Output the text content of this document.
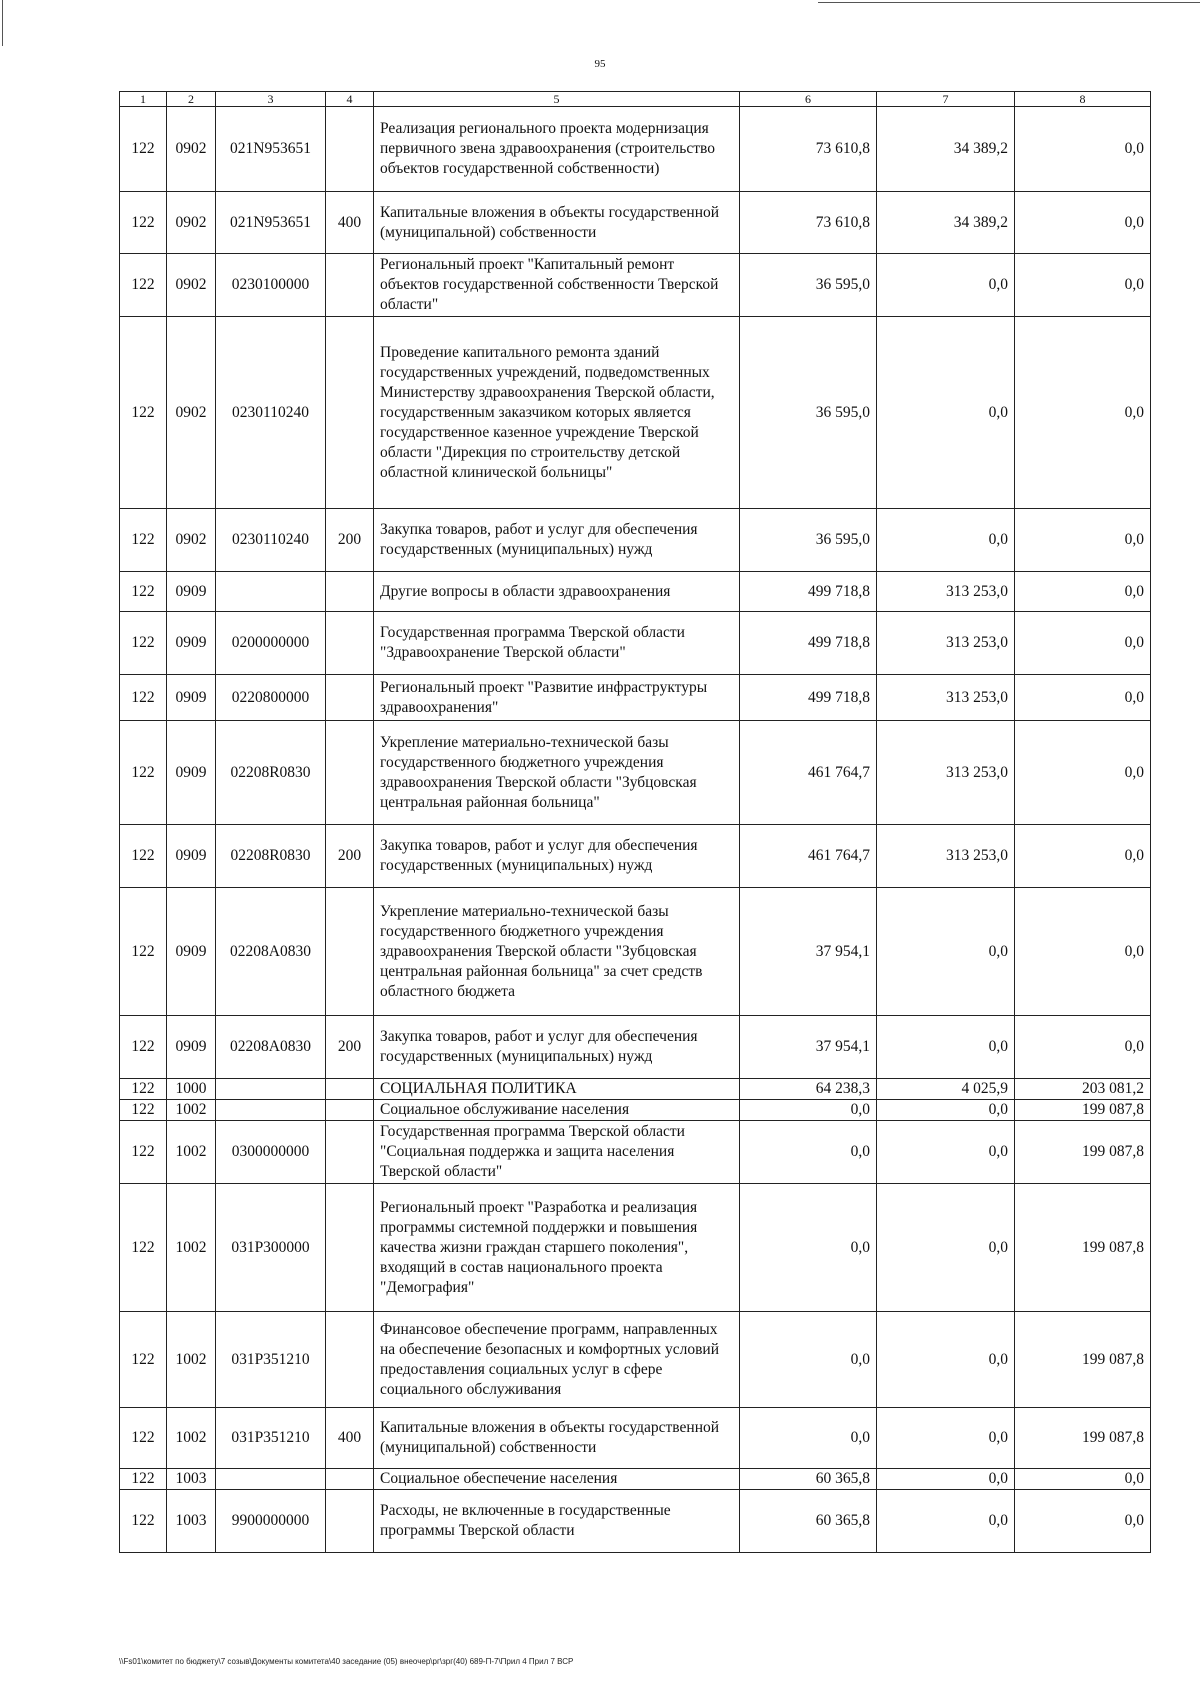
95
1	2	3	4	5	6	7	8
122	0902	021N953651		Реализация регионального проекта модернизация первичного звена здравоохранения (строительство объектов государственной собственности)	73 610,8	34 389,2	0,0
122	0902	021N953651	400	Капитальные вложения в объекты государственной (муниципальной) собственности	73 610,8	34 389,2	0,0
122	0902	0230100000		Региональный проект "Капитальный ремонт объектов государственной собственности Тверской области"	36 595,0	0,0	0,0
122	0902	0230110240		Проведение капитального ремонта зданий государственных учреждений, подведомственных Министерству здравоохранения Тверской области, государственным заказчиком которых является государственное казенное учреждение Тверской области "Дирекция по строительству детской областной клинической больницы"	36 595,0	0,0	0,0
122	0902	0230110240	200	Закупка товаров, работ и услуг для обеспечения государственных (муниципальных) нужд	36 595,0	0,0	0,0
122	0909			Другие вопросы в области здравоохранения	499 718,8	313 253,0	0,0
122	0909	0200000000		Государственная программа Тверской области "Здравоохранение Тверской области"	499 718,8	313 253,0	0,0
122	0909	0220800000		Региональный проект "Развитие инфраструктуры здравоохранения"	499 718,8	313 253,0	0,0
122	0909	02208R0830		Укрепление материально-технической базы государственного бюджетного учреждения здравоохранения Тверской области "Зубцовская центральная районная больница"	461 764,7	313 253,0	0,0
122	0909	02208R0830	200	Закупка товаров, работ и услуг для обеспечения государственных (муниципальных) нужд	461 764,7	313 253,0	0,0
122	0909	02208A0830		Укрепление материально-технической базы государственного бюджетного учреждения здравоохранения Тверской области "Зубцовская центральная районная больница" за счет средств областного бюджета	37 954,1	0,0	0,0
122	0909	02208A0830	200	Закупка товаров, работ и услуг для обеспечения государственных (муниципальных) нужд	37 954,1	0,0	0,0
122	1000			СОЦИАЛЬНАЯ ПОЛИТИКА	64 238,3	4 025,9	203 081,2
122	1002			Социальное обслуживание населения	0,0	0,0	199 087,8
122	1002	0300000000		Государственная программа Тверской области "Социальная поддержка и защита населения Тверской области"	0,0	0,0	199 087,8
122	1002	031P300000		Региональный проект "Разработка и реализация программы системной поддержки и повышения качества жизни граждан старшего поколения", входящий в состав национального проекта "Демография"	0,0	0,0	199 087,8
122	1002	031P351210		Финансовое обеспечение программ, направленных на обеспечение безопасных и комфортных условий предоставления социальных услуг в сфере социального обслуживания	0,0	0,0	199 087,8
122	1002	031P351210	400	Капитальные вложения в объекты государственной (муниципальной) собственности	0,0	0,0	199 087,8
122	1003			Социальное обеспечение населения	60 365,8	0,0	0,0
122	1003	9900000000		Расходы, не включенные в государственные программы Тверской области	60 365,8	0,0	0,0
\\Fs01\комитет по бюджету\7 созыв\Документы комитета\40 заседание (05) внеочер\рг\зрг(40) 689-П-7\Прил 4 Прил 7 ВСР
